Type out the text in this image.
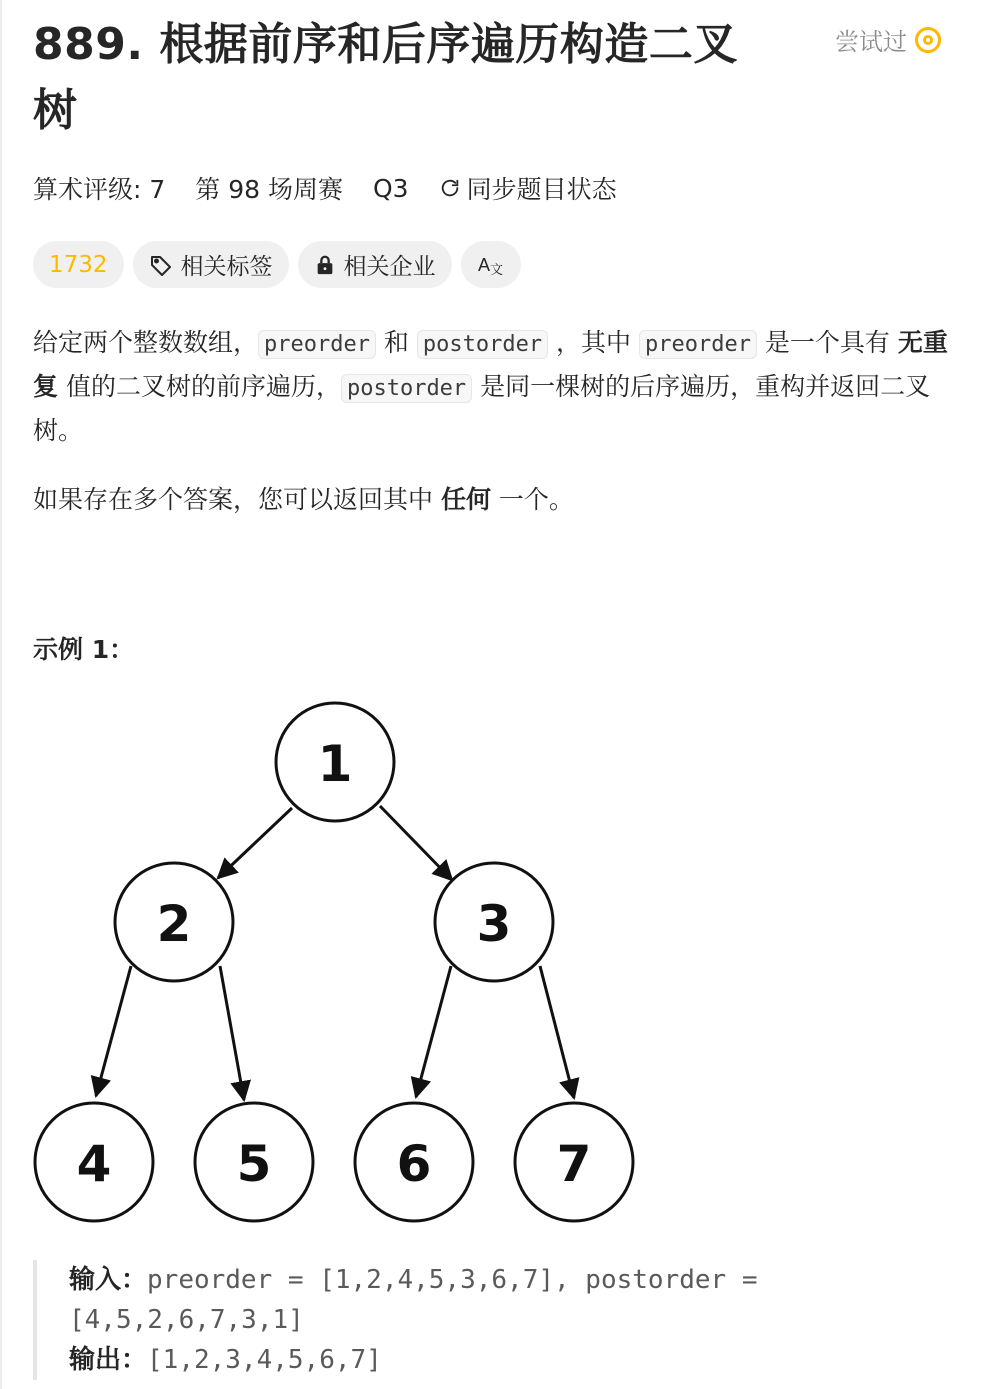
889. 根据前序和后序遍历构造二叉
树
尝试过
算术评级: 7 第 98 场周赛 Q3 同步题目状态
1732	相关标签	相关企业 A 文
给定两个整数数组， preorder 和 postorder ，其中 preorder 是一个具有 无重复 值的二叉树的前序遍历， postorder 是同一棵树的后序遍历，重构并返回二叉树。
如果存在多个答案，您可以返回其中 任何 一个。
示例 1：
1
2	3
4	5	6	7
输入：preorder = [1,2,4,5,3,6,7], postorder = [4,5,2,6,7,3,1]
输出：[1,2,3,4,5,6,7]
